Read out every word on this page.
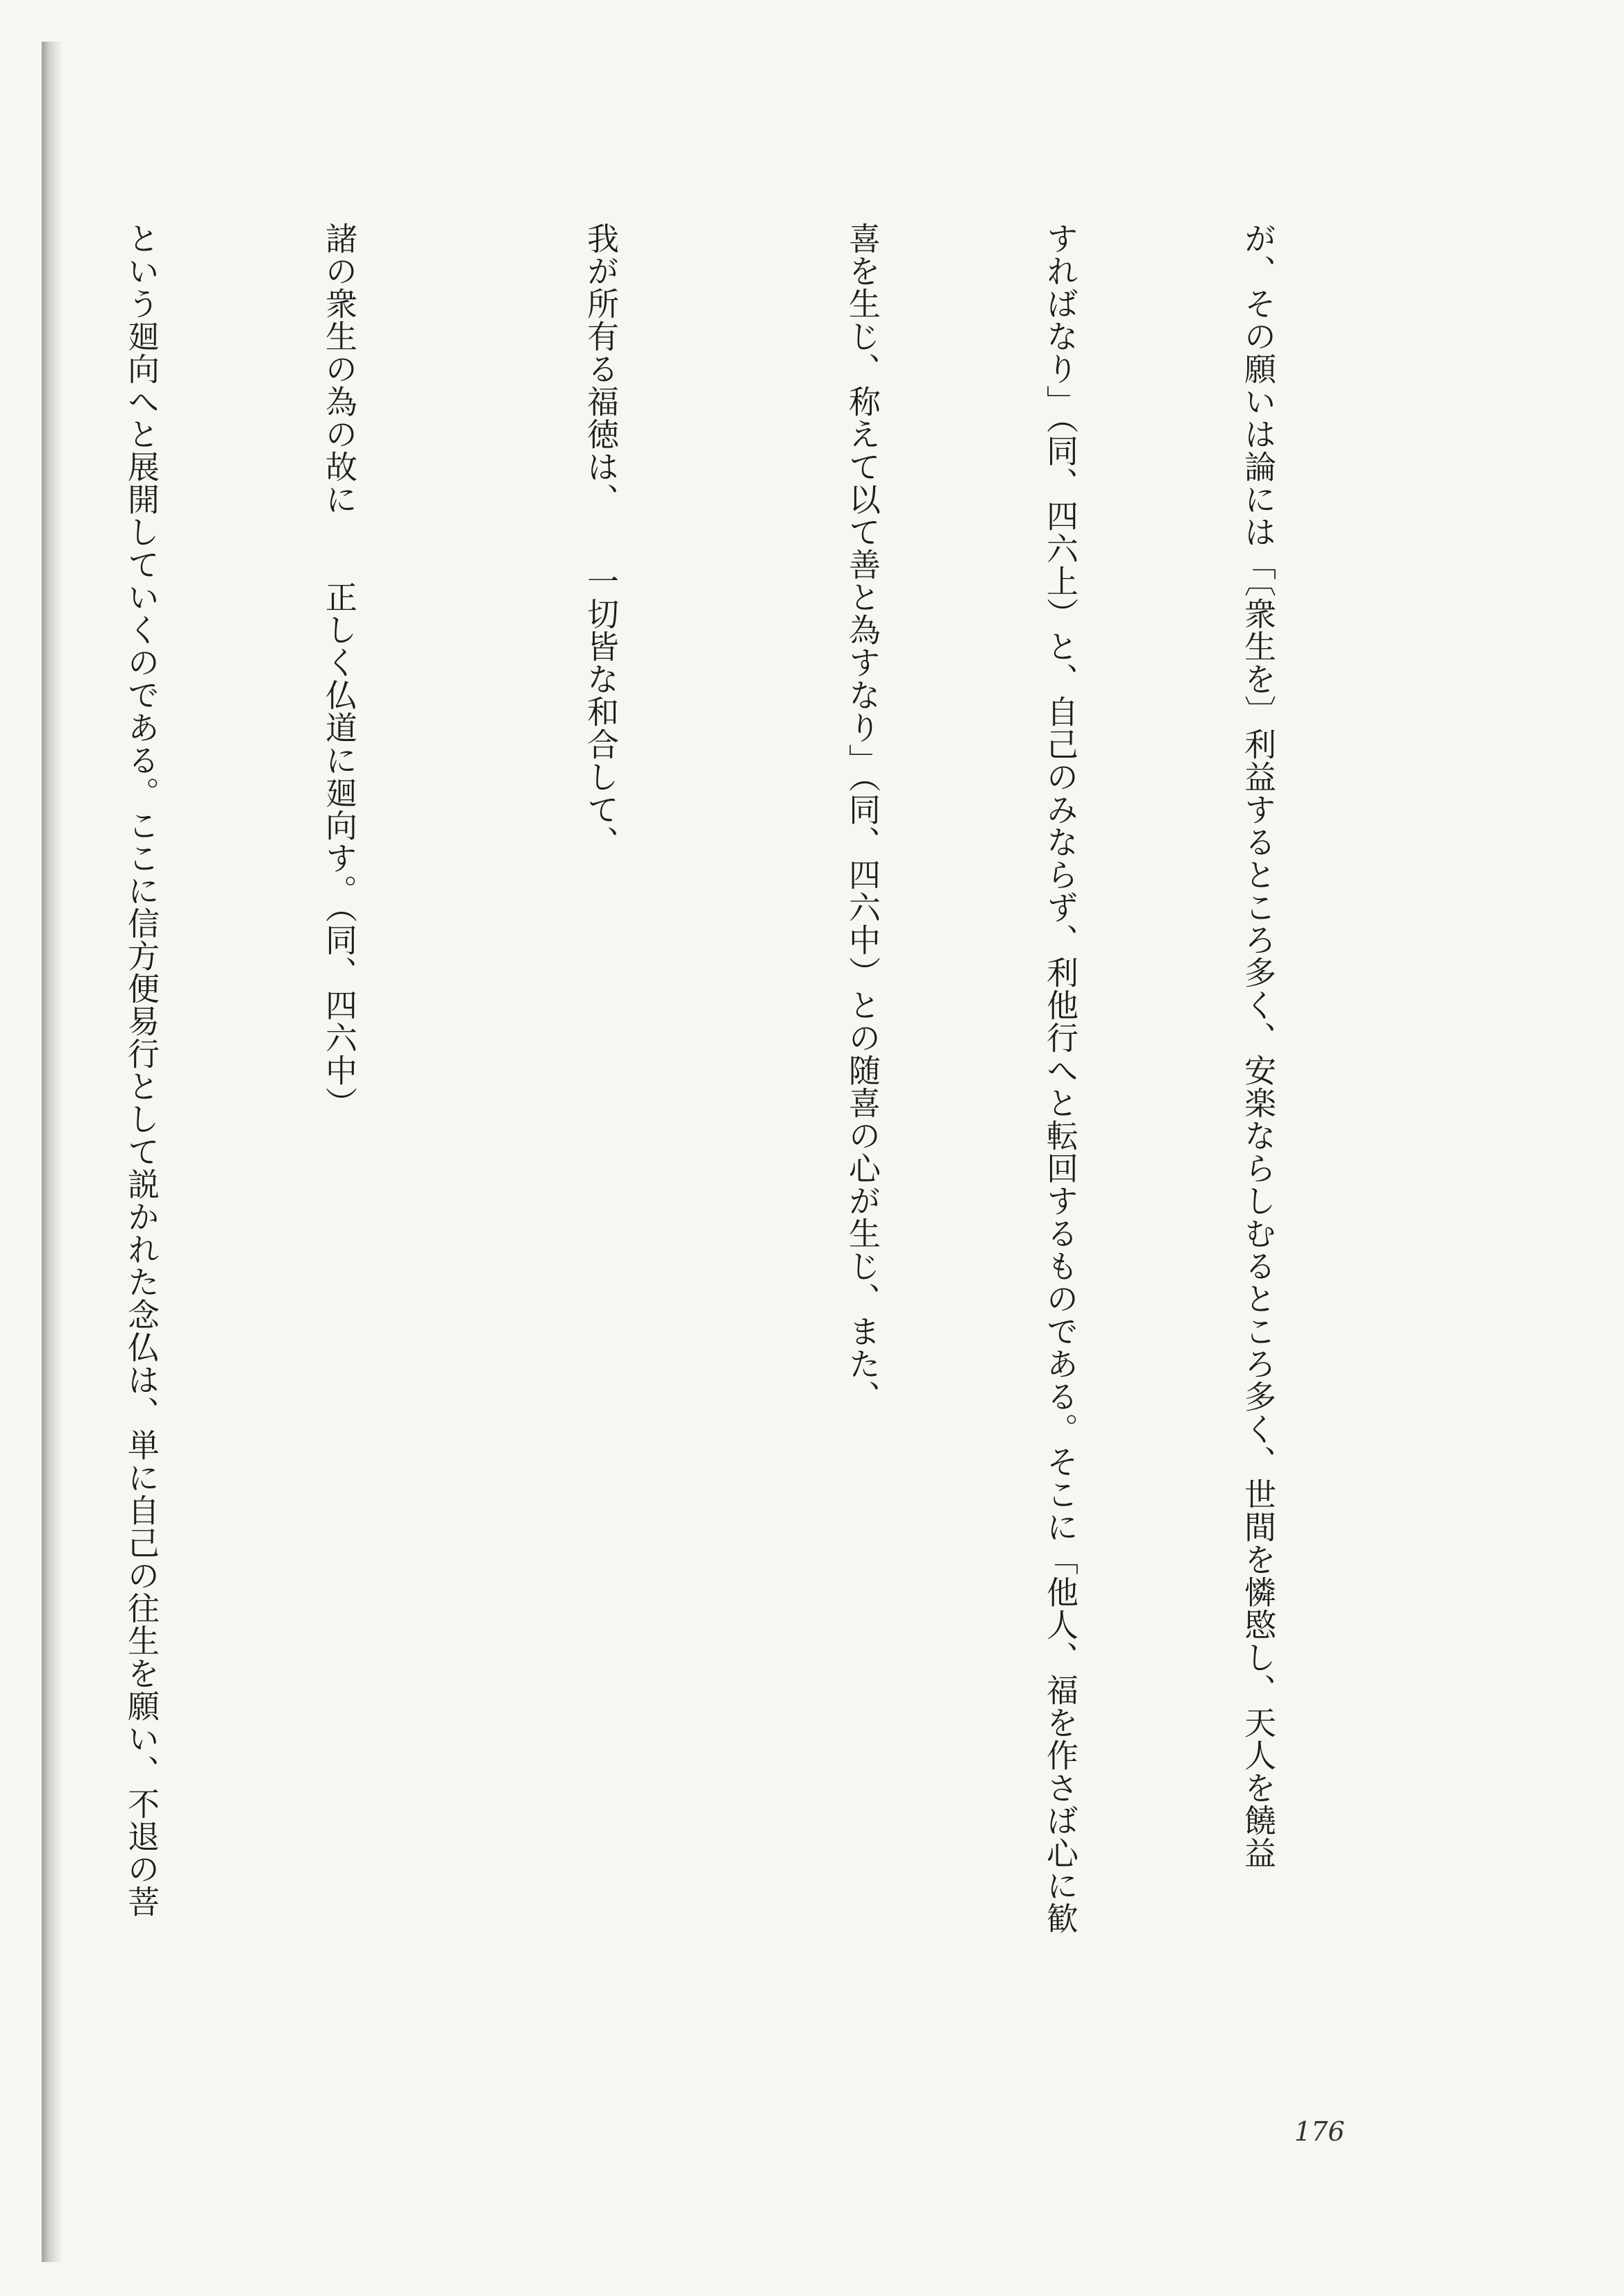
が、その願いは論には「〔衆生を〕利益するところ多く、安楽ならしむるところ多く、世間を憐愍し、天人を饒益

すればなり」（同、四六上）と、自己のみならず、利他行へと転回するものである。そこに「他人、福を作さば心に歓

喜を生じ、称えて以て善と為すなり」（同、四六中）との随喜の心が生じ、また、

我が所有る福徳は、　　一切皆な和合して、

諸の衆生の為の故に　　正しく仏道に廻向す。（同、四六中）

という廻向へと展開していくのである。ここに信方便易行として説かれた念仏は、単に自己の往生を願い、不退の菩

176
